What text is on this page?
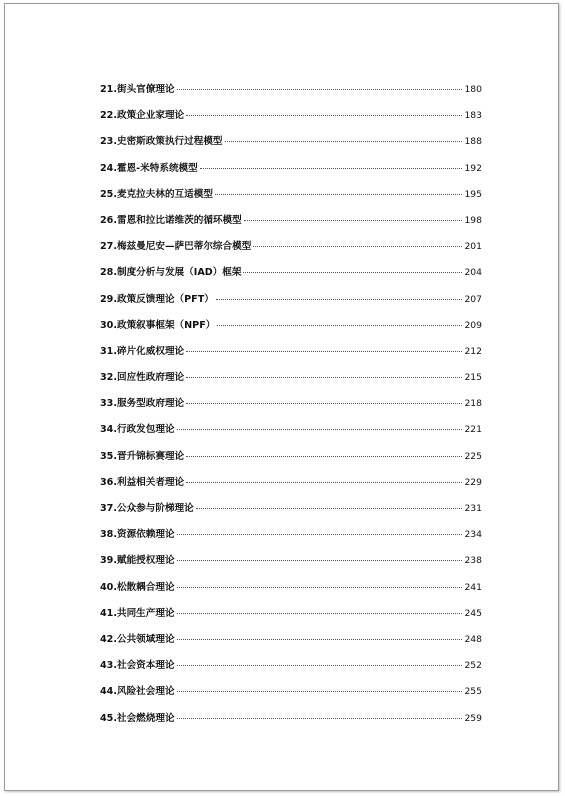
21.街头官僚理论	180
22.政策企业家理论	183
23.史密斯政策执行过程模型	188
24.霍恩-米特系统模型	192
25.麦克拉夫林的互适模型	195
26.雷恩和拉比诺维茨的循环模型	198
27.梅兹曼尼安—萨巴蒂尔综合模型	201
28.制度分析与发展（IAD）框架	204
29.政策反馈理论（PFT）	207
30.政策叙事框架（NPF）	209
31.碎片化威权理论	212
32.回应性政府理论	215
33.服务型政府理论	218
34.行政发包理论	221
35.晋升锦标赛理论	225
36.利益相关者理论	229
37.公众参与阶梯理论	231
38.资源依赖理论	234
39.赋能授权理论	238
40.松散耦合理论	241
41.共同生产理论	245
42.公共领域理论	248
43.社会资本理论	252
44.风险社会理论	255
45.社会燃烧理论	259
